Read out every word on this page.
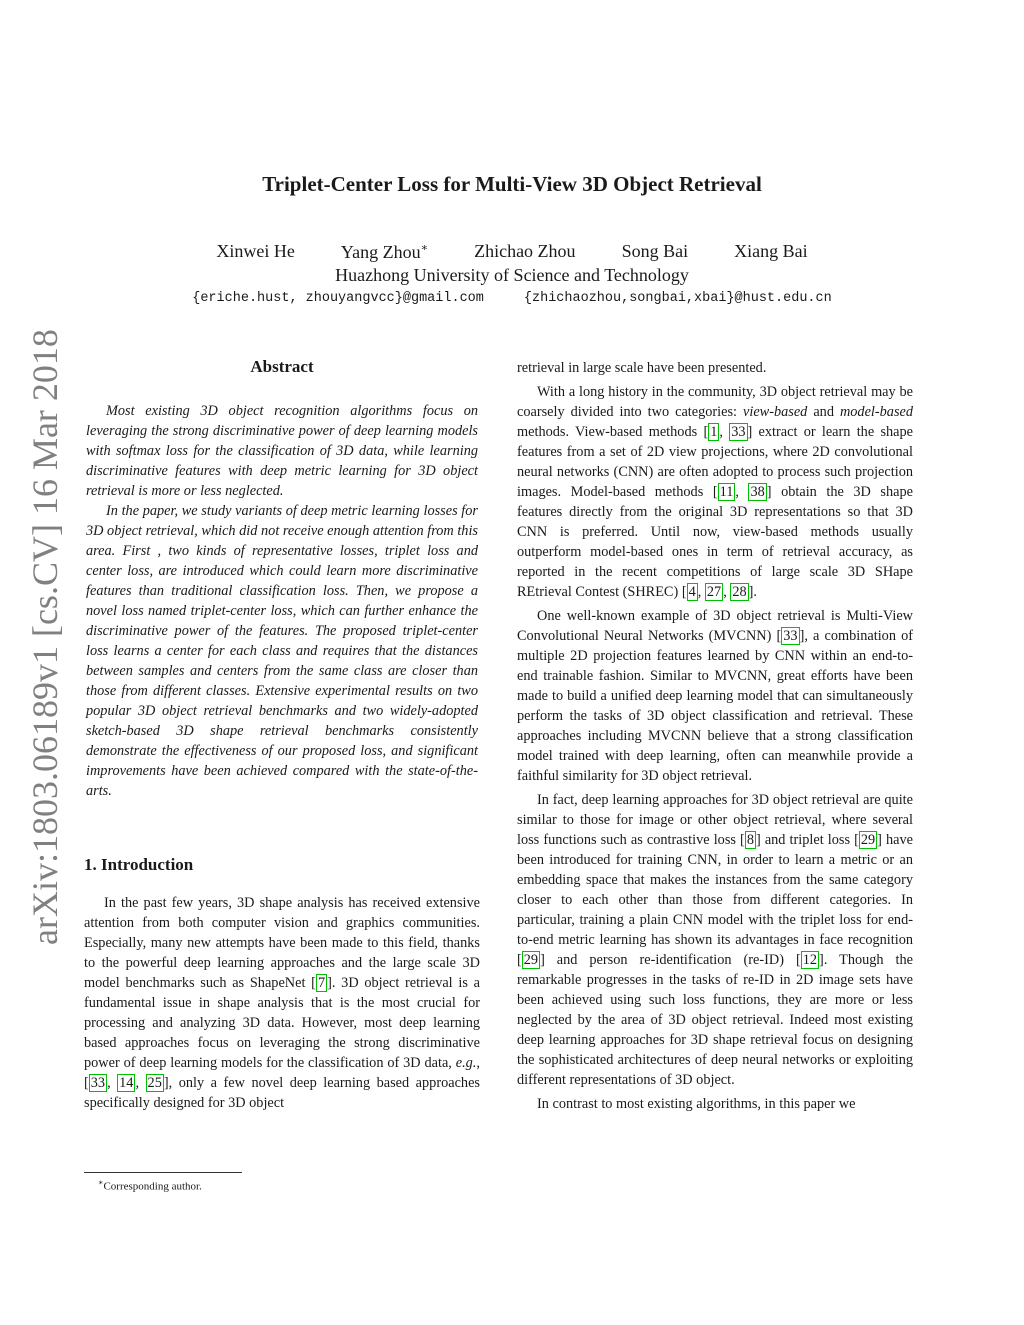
arXiv:1803.06189v1 [cs.CV] 16 Mar 2018
Triplet-Center Loss for Multi-View 3D Object Retrieval
Xinwei He	Yang Zhou∗	Zhichao Zhou	Song Bai	Xiang Bai
Huazhong University of Science and Technology
{eriche.hust, zhouyangvcc}@gmail.com	{zhichaozhou,songbai,xbai}@hust.edu.cn
Abstract

Most existing 3D object recognition algorithms focus on leveraging the strong discriminative power of deep learning models with softmax loss for the classification of 3D data, while learning discriminative features with deep metric learning for 3D object retrieval is more or less neglected.

In the paper, we study variants of deep metric learning losses for 3D object retrieval, which did not receive enough attention from this area. First , two kinds of representative losses, triplet loss and center loss, are introduced which could learn more discriminative features than traditional classification loss. Then, we propose a novel loss named triplet-center loss, which can further enhance the discriminative power of the features. The proposed triplet-center loss learns a center for each class and requires that the distances between samples and centers from the same class are closer than those from different classes. Extensive experimental results on two popular 3D object retrieval benchmarks and two widely-adopted sketch-based 3D shape retrieval benchmarks consistently demonstrate the effectiveness of our proposed loss, and significant improvements have been achieved compared with the state-of-the-arts.

1. Introduction

In the past few years, 3D shape analysis has received extensive attention from both computer vision and graphics communities. Especially, many new attempts have been made to this field, thanks to the powerful deep learning approaches and the large scale 3D model benchmarks such as ShapeNet [ 7 ]. 3D object retrieval is a fundamental issue in shape analysis that is the most crucial for processing and analyzing 3D data. However, most deep learning based approaches focus on leveraging the strong discriminative power of deep learning models for the classification of 3D data, e.g., [ 33 , 14 , 25 ], only a few novel deep learning based approaches specifically designed for 3D object

retrieval in large scale have been presented.

With a long history in the community, 3D object retrieval may be coarsely divided into two categories: view-based and model-based methods. View-based methods [ 1 , 33 ] extract or learn the shape features from a set of 2D view projections, where 2D convolutional neural networks (CNN) are often adopted to process such projection images. Model-based methods [ 11 , 38 ] obtain the 3D shape features directly from the original 3D representations so that 3D CNN is preferred. Until now, view-based methods usually outperform model-based ones in term of retrieval accuracy, as reported in the recent competitions of large scale 3D SHape REtrieval Contest (SHREC) [ 4 , 27 , 28 ].

One well-known example of 3D object retrieval is Multi-View Convolutional Neural Networks (MVCNN) [ 33 ], a combination of multiple 2D projection features learned by CNN within an end-to-end trainable fashion. Similar to MVCNN, great efforts have been made to build a unified deep learning model that can simultaneously perform the tasks of 3D object classification and retrieval. These approaches including MVCNN believe that a strong classification model trained with deep learning, often can meanwhile provide a faithful similarity for 3D object retrieval.

In fact, deep learning approaches for 3D object retrieval are quite similar to those for image or other object retrieval, where several loss functions such as contrastive loss [ 8 ] and triplet loss [ 29 ] have been introduced for training CNN, in order to learn a metric or an embedding space that makes the instances from the same category closer to each other than those from different categories. In particular, training a plain CNN model with the triplet loss for end-to-end metric learning has shown its advantages in face recognition [ 29 ] and person re-identification (re-ID) [ 12 ]. Though the remarkable progresses in the tasks of re-ID in 2D image sets have been achieved using such loss functions, they are more or less neglected by the area of 3D object retrieval. Indeed most existing deep learning approaches for 3D shape retrieval focus on designing the sophisticated architectures of deep neural networks or exploiting different representations of 3D object.

In contrast to most existing algorithms, in this paper we

∗Corresponding author.
